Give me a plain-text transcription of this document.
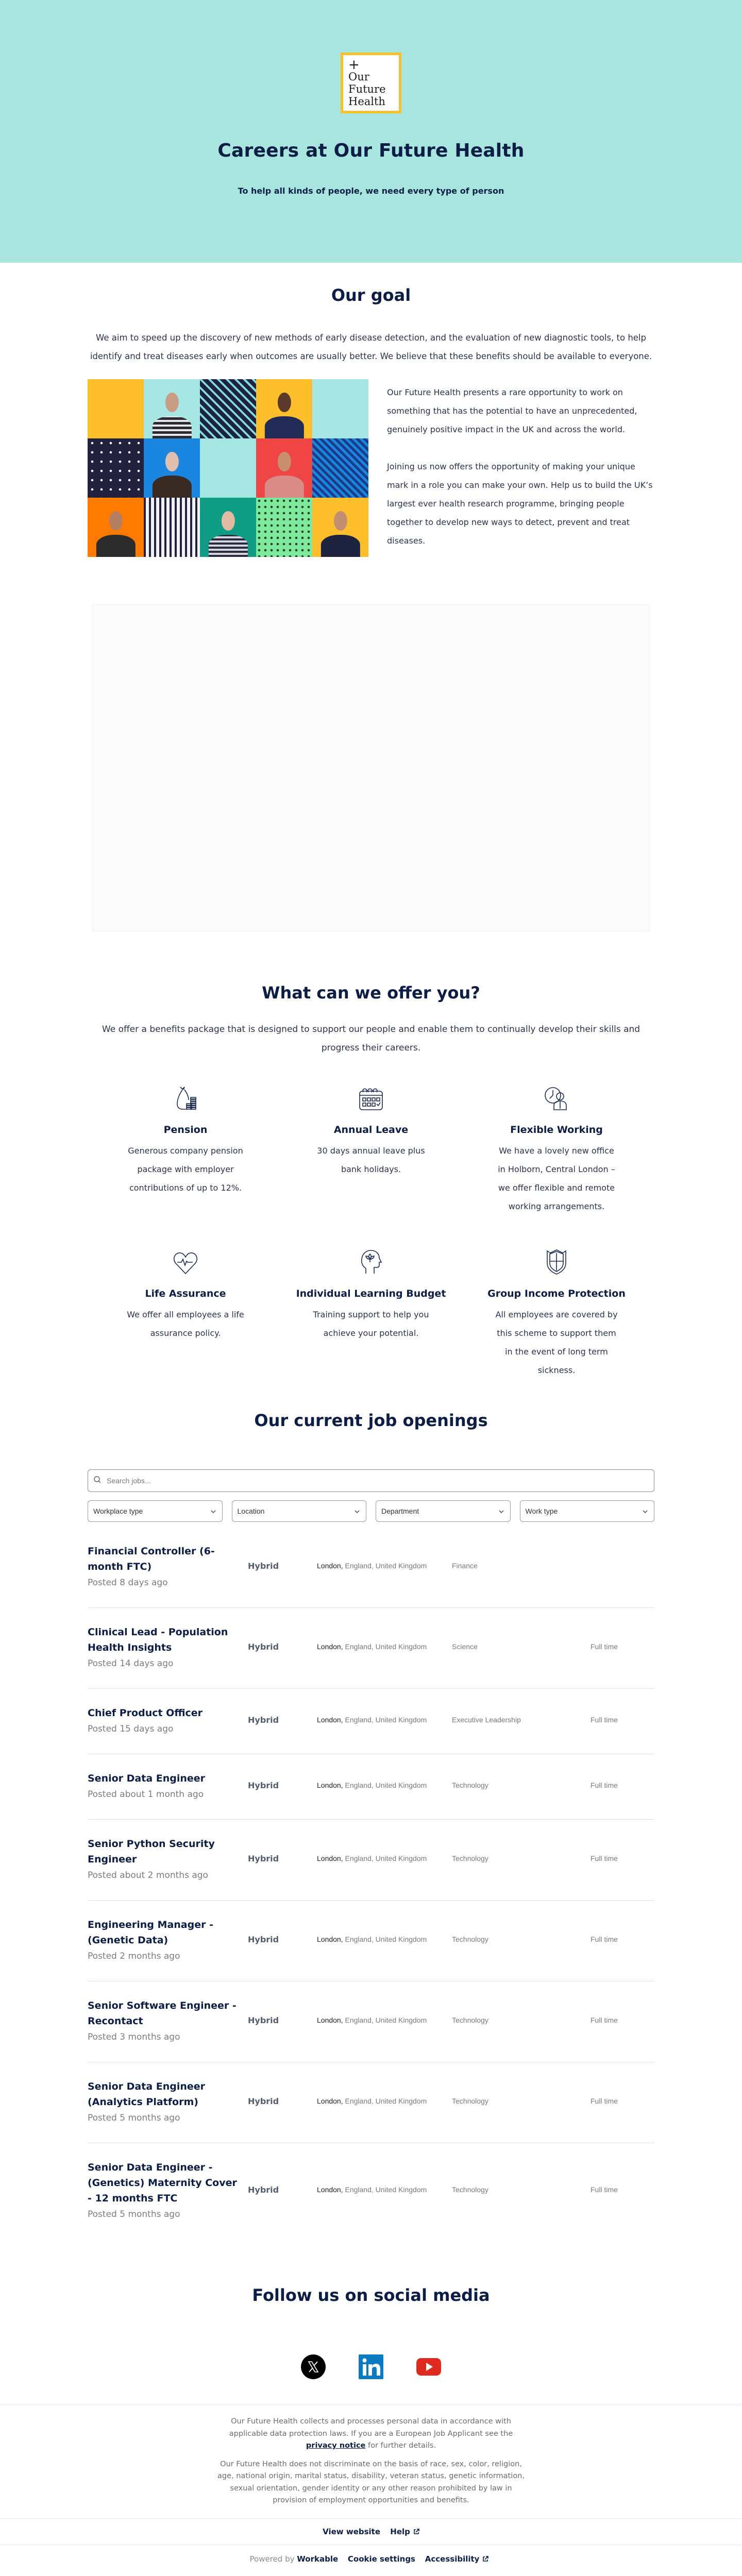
+
Our
Future
Health
Careers at Our Future Health

To help all kinds of people, we need every type of person

Our goal

We aim to speed up the discovery of new methods of early disease detection, and the evaluation of new diagnostic tools, to help identify and treat diseases early when outcomes are usually better. We believe that these benefits should be available to everyone.

Our Future Health presents a rare opportunity to work on something that has the potential to have an unprecedented, genuinely positive impact in the UK and across the world.

Joining us now offers the opportunity of making your unique mark in a role you can make your own. Help us to build the UK’s largest ever health research programme, bringing people together to develop new ways to detect, prevent and treat diseases.

What can we offer you?

We offer a benefits package that is designed to support our people and enable them to continually develop their skills and progress their careers.

Pension

Generous company pension package with employer contributions of up to 12%.

Annual Leave

30 days annual leave plus bank holidays.

Flexible Working

We have a lovely new office in Holborn, Central London – we offer flexible and remote working arrangements.

Life Assurance

We offer all employees a life assurance policy.

Individual Learning Budget

Training support to help you achieve your potential.

Group Income Protection

All employees are covered by this scheme to support them in the event of long term sickness.

Our current job openings
Search jobs...
Workplace type	Location	Department	Work type
Financial Controller (6-month FTC)
Posted 8 days ago
Hybrid	London, England, United Kingdom	Finance
Clinical Lead - Population Health Insights
Posted 14 days ago
Hybrid	London, England, United Kingdom	Science	Full time
Chief Product Officer
Posted 15 days ago
Hybrid	London, England, United Kingdom	Executive Leadership	Full time
Senior Data Engineer
Posted about 1 month ago
Hybrid	London, England, United Kingdom	Technology	Full time
Senior Python Security Engineer
Posted about 2 months ago
Hybrid	London, England, United Kingdom	Technology	Full time
Engineering Manager - (Genetic Data)
Posted 2 months ago
Hybrid	London, England, United Kingdom	Technology	Full time
Senior Software Engineer - Recontact
Posted 3 months ago
Hybrid	London, England, United Kingdom	Technology	Full time
Senior Data Engineer (Analytics Platform)
Posted 5 months ago
Hybrid	London, England, United Kingdom	Technology	Full time
Senior Data Engineer - (Genetics) Maternity Cover - 12 months FTC
Posted 5 months ago
Hybrid	London, England, United Kingdom	Technology	Full time
Follow us on social media

Our Future Health collects and processes personal data in accordance with applicable data protection laws. If you are a European Job Applicant see the privacy notice for further details.

Our Future Health does not discriminate on the basis of race, sex, color, religion, age, national origin, marital status, disability, veteran status, genetic information, sexual orientation, gender identity or any other reason prohibited by law in provision of employment opportunities and benefits.

View website Help
Powered by Workable Cookie settings Accessibility
